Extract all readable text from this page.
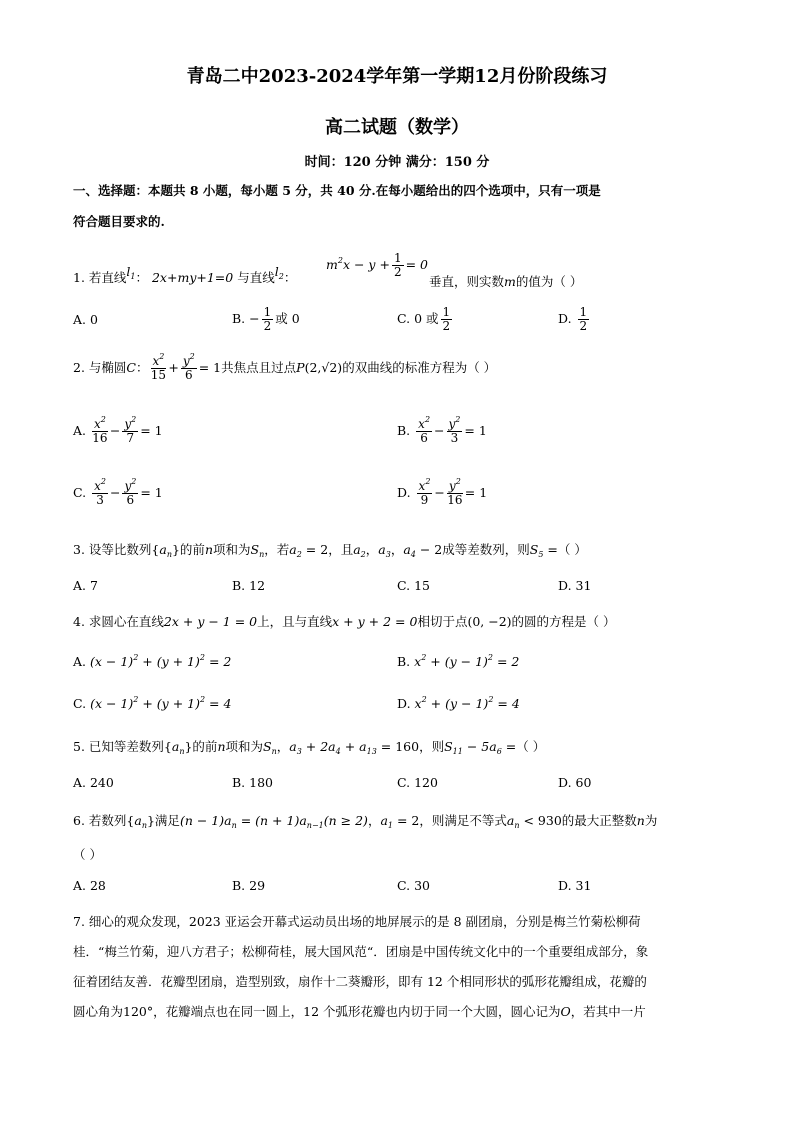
青岛二中2023-2024学年第一学期12月份阶段练习
高二试题（数学）
时间：120 分钟 满分：150 分
一、选择题：本题共 8 小题，每小题 5 分，共 40 分.在每小题给出的四个选项中，只有一项是
符合题目要求的.
1. 若直线$l_1$： 2x+my+1=0 与直线$l_2$：
$m^2x - y + \frac{1}{2} = 0$
垂直，则实数m的值为（ ）
A. 0	B. − $\frac{1}{2}$ 或 0	C. 0 或 $\frac{1}{2}$	D. $\frac{1}{2}$
2. 与椭圆C： $\frac{x^2}{15} + \frac{y^2}{6} = 1$共焦点且过点P(2,√2)的双曲线的标准方程为（ ）
A. $\frac{x^2}{16} - \frac{y^2}{7} = 1$	B. $\frac{x^2}{6} - \frac{y^2}{3} = 1$
C. $\frac{x^2}{3} - \frac{y^2}{6} = 1$	D. $\frac{x^2}{9} - \frac{y^2}{16} = 1$
3. 设等比数列$\{a_n\}$的前n项和为$S_n$，若$a_2 = 2$，且$a_2$，$a_3$，$a_4 - 2$成等差数列，则$S_5$ =（ ）
A. 7	B. 12	C. 15	D. 31
4. 求圆心在直线2x + y − 1 = 0上，且与直线x + y + 2 = 0相切于点(0, −2)的圆的方程是（ ）
A. $(x - 1)^2 + (y + 1)^2 = 2$	B. $x^2 + (y - 1)^2 = 2$
C. $(x - 1)^2 + (y + 1)^2 = 4$	D. $x^2 + (y - 1)^2 = 4$
5. 已知等差数列$\{a_n\}$的前n项和为$S_n$，$a_3 + 2a_4 + a_{13} = 160$，则$S_{11} - 5a_6$ =（ ）
A. 240	B. 180	C. 120	D. 60
6. 若数列$\{a_n\}$满足$(n - 1)a_n = (n + 1)a_{n-1}(n \ge 2)$，$a_1 = 2$，则满足不等式$a_n < 930$的最大正整数n为
（ ）
A. 28	B. 29	C. 30	D. 31
7. 细心的观众发现，2023 亚运会开幕式运动员出场的地屏展示的是 8 副团扇，分别是梅兰竹菊松柳荷
桂．“梅兰竹菊，迎八方君子；松柳荷桂，展大国风范“．团扇是中国传统文化中的一个重要组成部分，象
征着团结友善．花瓣型团扇，造型别致，扇作十二葵瓣形，即有 12 个相同形状的弧形花瓣组成，花瓣的
圆心角为120°，花瓣端点也在同一圆上，12 个弧形花瓣也内切于同一个大圆，圆心记为O，若其中一片
